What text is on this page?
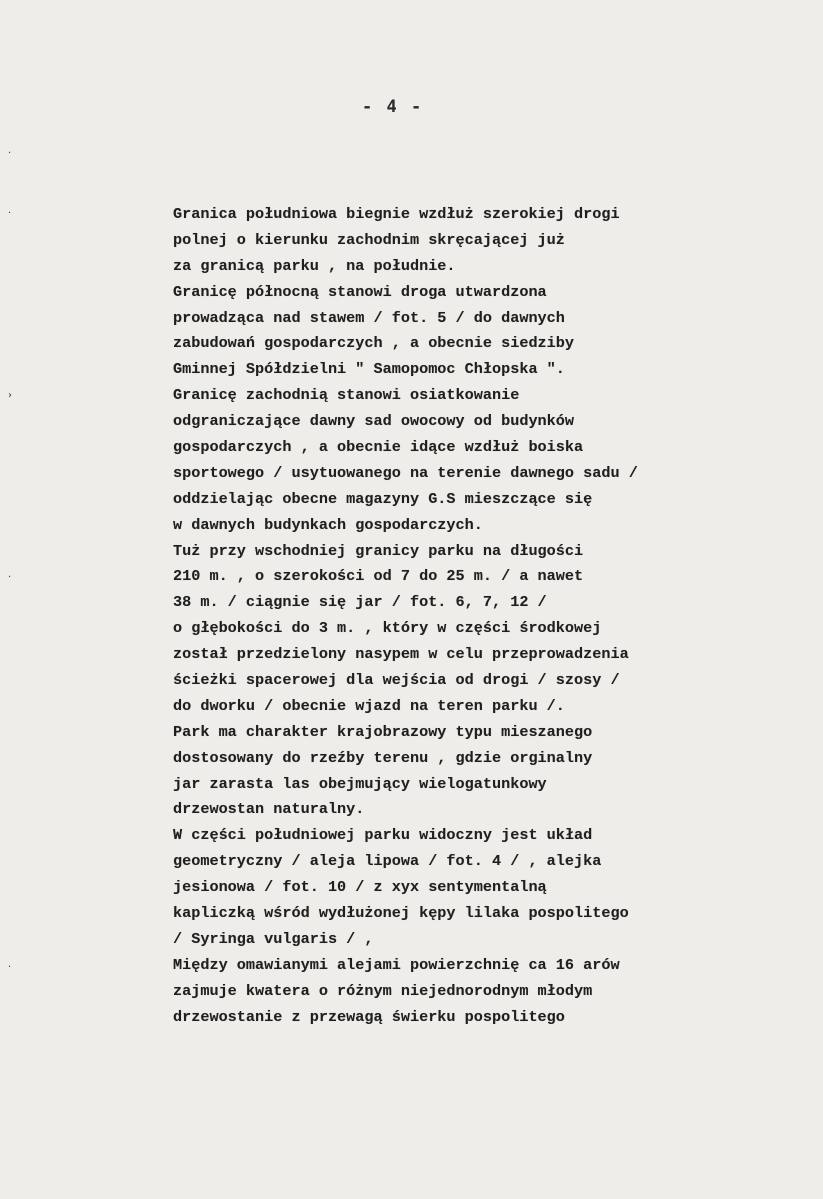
- 4 -
·
·
›
·
·
Granica południowa biegnie wzdłuż szerokiej drogi
polnej o kierunku zachodnim skręcającej już
za granicą parku , na południe.
Granicę północną stanowi droga utwardzona
prowadząca nad stawem / fot. 5 / do dawnych
zabudowań gospodarczych , a obecnie siedziby
Gminnej Spółdzielni " Samopomoc Chłopska ".
Granicę zachodnią stanowi osiatkowanie
odgraniczające dawny sad owocowy od budynków
gospodarczych , a obecnie idące wzdłuż boiska
sportowego / usytuowanego na terenie dawnego sadu /
oddzielając obecne magazyny G.S mieszczące się
w dawnych budynkach gospodarczych.
Tuż przy wschodniej granicy parku na długości
210 m. , o szerokości od 7 do 25 m. / a nawet
38 m. / ciągnie się jar / fot. 6, 7, 12 /
o głębokości do 3 m. , który w części środkowej
został przedzielony nasypem w celu przeprowadzenia
ścieżki spacerowej dla wejścia od drogi / szosy /
do dworku / obecnie wjazd na teren parku /.
Park ma charakter krajobrazowy typu mieszanego
dostosowany do rzeźby terenu , gdzie orginalny
jar zarasta las obejmujący wielogatunkowy
drzewostan naturalny.
W części południowej parku widoczny jest układ
geometryczny / aleja lipowa / fot. 4 / , alejka
jesionowa / fot. 10 / z xyx sentymentalną
kapliczką wśród wydłużonej kępy lilaka pospolitego
/ Syringa vulgaris / ,
Między omawianymi alejami powierzchnię ca 16 arów
zajmuje kwatera o różnym niejednorodnym młodym
drzewostanie z przewagą świerku pospolitego
